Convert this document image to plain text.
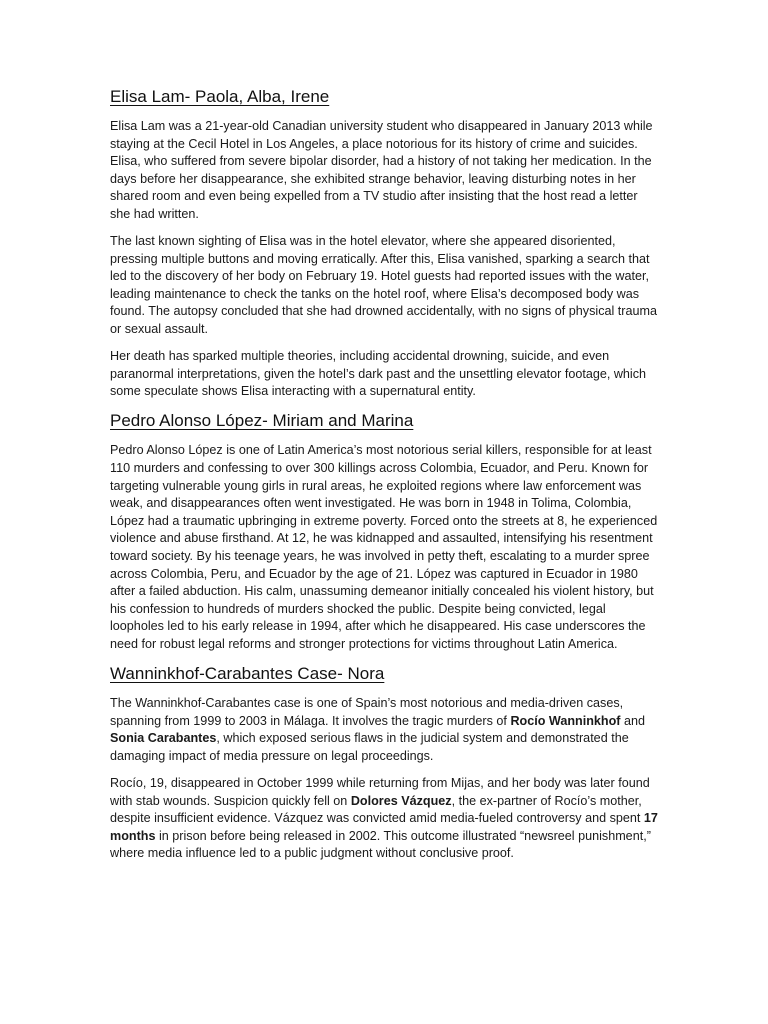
Elisa Lam- Paola, Alba, Irene

Elisa Lam was a 21-year-old Canadian university student who disappeared in January 2013 while staying at the Cecil Hotel in Los Angeles, a place notorious for its history of crime and suicides. Elisa, who suffered from severe bipolar disorder, had a history of not taking her medication. In the days before her disappearance, she exhibited strange behavior, leaving disturbing notes in her shared room and even being expelled from a TV studio after insisting that the host read a letter she had written.

The last known sighting of Elisa was in the hotel elevator, where she appeared disoriented, pressing multiple buttons and moving erratically. After this, Elisa vanished, sparking a search that led to the discovery of her body on February 19. Hotel guests had reported issues with the water, leading maintenance to check the tanks on the hotel roof, where Elisa’s decomposed body was found. The autopsy concluded that she had drowned accidentally, with no signs of physical trauma or sexual assault.

Her death has sparked multiple theories, including accidental drowning, suicide, and even paranormal interpretations, given the hotel’s dark past and the unsettling elevator footage, which some speculate shows Elisa interacting with a supernatural entity.

Pedro Alonso López- Miriam and Marina

Pedro Alonso López is one of Latin America’s most notorious serial killers, responsible for at least 110 murders and confessing to over 300 killings across Colombia, Ecuador, and Peru. Known for targeting vulnerable young girls in rural areas, he exploited regions where law enforcement was weak, and disappearances often went investigated. He was born in 1948 in Tolima, Colombia, López had a traumatic upbringing in extreme poverty. Forced onto the streets at 8, he experienced violence and abuse firsthand. At 12, he was kidnapped and assaulted, intensifying his resentment toward society. By his teenage years, he was involved in petty theft, escalating to a murder spree across Colombia, Peru, and Ecuador by the age of 21. López was captured in Ecuador in 1980 after a failed abduction. His calm, unassuming demeanor initially concealed his violent history, but his confession to hundreds of murders shocked the public. Despite being convicted, legal loopholes led to his early release in 1994, after which he disappeared. His case underscores the need for robust legal reforms and stronger protections for victims throughout Latin America.

Wanninkhof-Carabantes Case- Nora

The Wanninkhof-Carabantes case is one of Spain’s most notorious and media-driven cases, spanning from 1999 to 2003 in Málaga. It involves the tragic murders of Rocío Wanninkhof and Sonia Carabantes, which exposed serious flaws in the judicial system and demonstrated the damaging impact of media pressure on legal proceedings.

Rocío, 19, disappeared in October 1999 while returning from Mijas, and her body was later found with stab wounds. Suspicion quickly fell on Dolores Vázquez, the ex-partner of Rocío’s mother, despite insufficient evidence. Vázquez was convicted amid media-fueled controversy and spent 17 months in prison before being released in 2002. This outcome illustrated “newsreel punishment,” where media influence led to a public judgment without conclusive proof.
